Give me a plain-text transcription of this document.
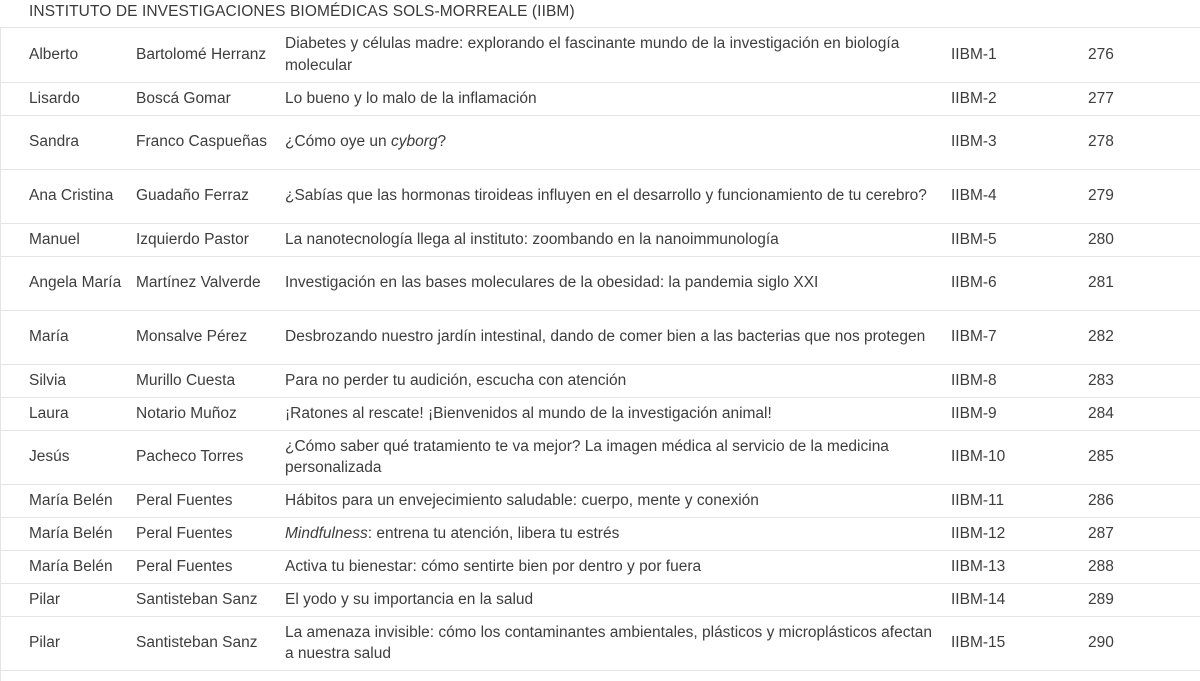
INSTITUTO DE INVESTIGACIONES BIOMÉDICAS SOLS-MORREALE (IIBM)
Alberto	Bartolomé Herranz	Diabetes y células madre: explorando el fascinante mundo de la investigación en biología molecular	IIBM-1	276
Lisardo	Boscá Gomar	Lo bueno y lo malo de la inflamación	IIBM-2	277
Sandra	Franco Caspueñas	¿Cómo oye un cyborg?	IIBM-3	278
Ana Cristina	Guadaño Ferraz	¿Sabías que las hormonas tiroideas influyen en el desarrollo y funcionamiento de tu cerebro?	IIBM-4	279
Manuel	Izquierdo Pastor	La nanotecnología llega al instituto: zoombando en la nanoimmunología	IIBM-5	280
Angela María	Martínez Valverde	Investigación en las bases moleculares de la obesidad: la pandemia siglo XXI	IIBM-6	281
María	Monsalve Pérez	Desbrozando nuestro jardín intestinal, dando de comer bien a las bacterias que nos protegen	IIBM-7	282
Silvia	Murillo Cuesta	Para no perder tu audición, escucha con atención	IIBM-8	283
Laura	Notario Muñoz	¡Ratones al rescate! ¡Bienvenidos al mundo de la investigación animal!	IIBM-9	284
Jesús	Pacheco Torres	¿Cómo saber qué tratamiento te va mejor? La imagen médica al servicio de la medicina personalizada	IIBM-10	285
María Belén	Peral Fuentes	Hábitos para un envejecimiento saludable: cuerpo, mente y conexión	IIBM-11	286
María Belén	Peral Fuentes	Mindfulness: entrena tu atención, libera tu estrés	IIBM-12	287
María Belén	Peral Fuentes	Activa tu bienestar: cómo sentirte bien por dentro y por fuera	IIBM-13	288
Pilar	Santisteban Sanz	El yodo y su importancia en la salud	IIBM-14	289
Pilar	Santisteban Sanz	La amenaza invisible: cómo los contaminantes ambientales, plásticos y microplásticos afectan a nuestra salud	IIBM-15	290
